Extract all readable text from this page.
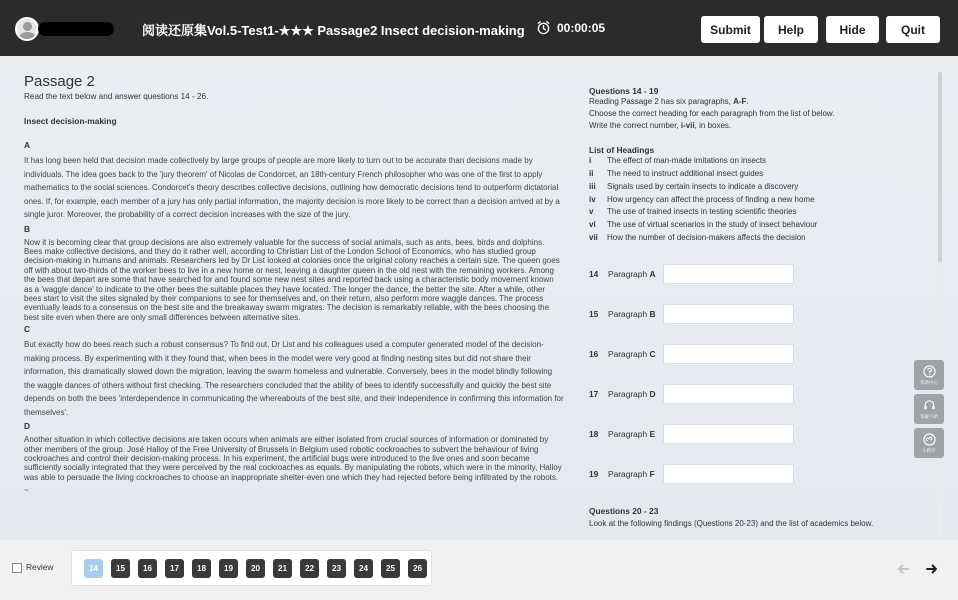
阅读还原集Vol.5-Test1-★★★ Passage2 Insect decision-making	00:00:05	Submit	Help	Hide	Quit
Passage 2
Read the text below and answer questions 14 - 26.
Insect decision-making
A
It has long been held that decision made collectively by large groups of people are more likely to turn out to be accurate than decisions made by individuals. The idea goes back to the 'jury theorem' of Nicolas de Condorcet, an 18th-century French philosopher who was one of the first to apply mathematics to the social sciences. Condorcet's theory describes collective decisions, outlining how democratic decisions tend to outperform dictatorial ones. If, for example, each member of a jury has only partial information, the majority decision is more likely to be correct than a decision arrived at by a single juror. Moreover, the probability of a correct decision increases with the size of the jury.
B
Now it is becoming clear that group decisions are also extremely valuable for the success of social animals, such as ants, bees, birds and dolphins. Bees make collective decisions, and they do it rather well, according to Christian List of the London School of Economics, who has studied group decision-making in humans and animals. Researchers led by Dr List looked at colonies once the original colony reaches a certain size. The queen goes off with about two-thirds of the worker bees to live in a new home or nest, leaving a daughter queen in the old nest with the remaining workers. Among the bees that depart are some that have searched for and found some new nest sites and reported back using a characteristic body movement known as a 'waggle dance' to indicate to the other bees the suitable places they have located. The longer the dance, the better the site. After a while, other bees start to visit the sites signaled by their companions to see for themselves and, on their return, also perform more waggle dances. The process eventually leads to a consensus on the best site and the breakaway swarm migrates. The decision is remarkably reliable, with the bees choosing the best site even when there are only small differences between alternative sites.
C
But exactly how do bees reach such a robust consensus? To find out, Dr List and his colleagues used a computer generated model of the decision-making process. By experimenting with it they found that, when bees in the model were very good at finding nesting sites but did not share their information, this dramatically slowed down the migration, leaving the swarm homeless and vulnerable. Conversely, bees in the model blindly following the waggle dances of others without first checking. The researchers concluded that the ability of bees to identify successfully and quickly the best site depends on both the bees 'interdependence in communicating the whereabouts of the best site, and their independence in confirming this information for themselves'.
D
Another situation in which collective decisions are taken occurs when animals are either isolated from crucial sources of information or dominated by other members of the group. José Halloy of the Free University of Brussels in Belgium used robotic cockroaches to subvert the behaviour of living cockroaches and control their decision-making process. In his experiment, the artificial bugs were introduced to the live ones and soon became sufficiently socially integrated that they were perceived by the real cockroaches as equals. By manipulating the robots, which were in the minority, Halloy was able to persuade the living cockroaches to choose an inappropriate shelter-even one which they had rejected before being infiltrated by the robots.
~
Questions 14 - 19
Reading Passage 2 has six paragraphs, A-F.
Choose the correct heading for each paragraph from the list of below.
Write the correct number, i-vii, in boxes.
List of Headings
i	The effect of man-made imitations on insects
ii	The need to instruct additional insect guides
iii	Signals used by certain insects to indicate a discovery
iv	How urgency can affect the process of finding a new home
v	The use of trained insects in testing scientific theories
vi	The use of virtual scenarios in the study of insect behaviour
vii	How the number of decision-makers affects the decision
14	Paragraph A
15	Paragraph B
16	Paragraph C
17	Paragraph D
18	Paragraph E
19	Paragraph F
Questions 20 - 23
Look at the following findings (Questions 20-23) and the list of academics below.
帮助中心
答疑小助
小程序
Review	14	15	16	17	18	19	20	21	22	23	24	25	26
